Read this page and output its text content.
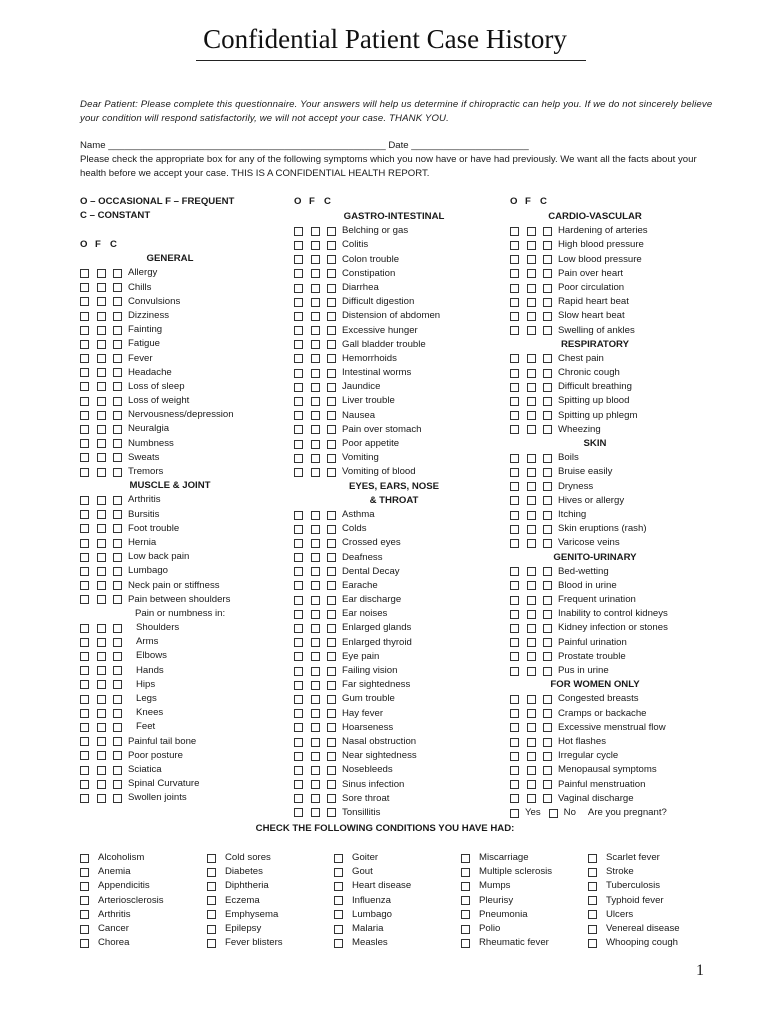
Confidential Patient Case History
Dear Patient: Please complete this questionnaire. Your answers will help us determine if chiropractic can help you. If we do not sincerely believe your condition will respond satisfactorily, we will not accept your case. THANK YOU.
Name ____________________________________________________ Date ______________________
Please check the appropriate box for any of the following symptoms which you now have or have had previously. We want all the facts about your health before we accept your case. THIS IS A CONFIDENTIAL HEALTH REPORT.
O – OCCASIONAL F – FREQUENT
C – CONSTANT
O F C	O F C
O F C
GENERAL
Allergy
Chills
Convulsions
Dizziness
Fainting
Fatigue
Fever
Headache
Loss of sleep
Loss of weight
Nervousness/depression
Neuralgia
Numbness
Sweats
Tremors
MUSCLE & JOINT
Arthritis
Bursitis
Foot trouble
Hernia
Low back pain
Lumbago
Neck pain or stiffness
Pain between shoulders
Pain or numbness in:
Shoulders
Arms
Elbows
Hands
Hips
Legs
Knees
Feet
Painful tail bone
Poor posture
Sciatica
Spinal Curvature
Swollen joints
GASTRO-INTESTINAL
Belching or gas
Colitis
Colon trouble
Constipation
Diarrhea
Difficult digestion
Distension of abdomen
Excessive hunger
Gall bladder trouble
Hemorrhoids
Intestinal worms
Jaundice
Liver trouble
Nausea
Pain over stomach
Poor appetite
Vomiting
Vomiting of blood
EYES, EARS, NOSE
& THROAT
Asthma
Colds
Crossed eyes
Deafness
Dental Decay
Earache
Ear discharge
Ear noises
Enlarged glands
Enlarged thyroid
Eye pain
Failing vision
Far sightedness
Gum trouble
Hay fever
Hoarseness
Nasal obstruction
Near sightedness
Nosebleeds
Sinus infection
Sore throat
Tonsillitis
CARDIO-VASCULAR
Hardening of arteries
High blood pressure
Low blood pressure
Pain over heart
Poor circulation
Rapid heart beat
Slow heart beat
Swelling of ankles
RESPIRATORY
Chest pain
Chronic cough
Difficult breathing
Spitting up blood
Spitting up phlegm
Wheezing
SKIN
Boils
Bruise easily
Dryness
Hives or allergy
Itching
Skin eruptions (rash)
Varicose veins
GENITO-URINARY
Bed-wetting
Blood in urine
Frequent urination
Inability to control kidneys
Kidney infection or stones
Painful urination
Prostate trouble
Pus in urine
FOR WOMEN ONLY
Congested breasts
Cramps or backache
Excessive menstrual flow
Hot flashes
Irregular cycle
Menopausal symptoms
Painful menstruation
Vaginal discharge
Yes No Are you pregnant?
CHECK THE FOLLOWING CONDITIONS YOU HAVE HAD:
Alcoholism
Anemia
Appendicitis
Arteriosclerosis
Arthritis
Cancer
Chorea
Cold sores
Diabetes
Diphtheria
Eczema
Emphysema
Epilepsy
Fever blisters
Goiter
Gout
Heart disease
Influenza
Lumbago
Malaria
Measles
Miscarriage
Multiple sclerosis
Mumps
Pleurisy
Pneumonia
Polio
Rheumatic fever
Scarlet fever
Stroke
Tuberculosis
Typhoid fever
Ulcers
Venereal disease
Whooping cough
1
